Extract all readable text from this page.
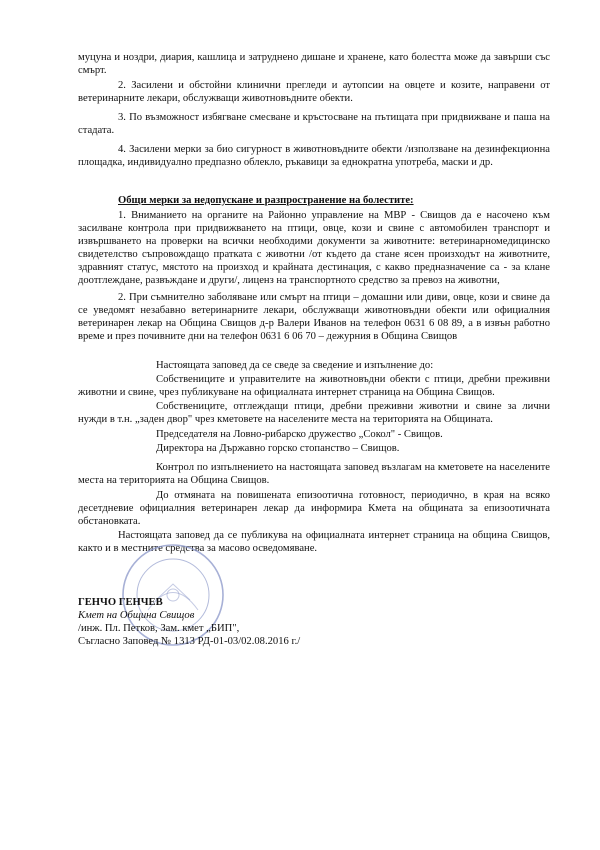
муцуна и ноздри, диария, кашлица и затруднено дишане и хранене, като болестта може да завърши със смърт.

2. Засилени и обстойни клинични прегледи и аутопсии на овцете и козите, направени от ветеринарните лекари, обслужващи животновъдните обекти.

3. По възможност избягване смесване и кръстосване на пътищата при придвижване и паша на стадата.

4. Засилени мерки за био сигурност в животновъдните обекти /използване на дезинфекционна площадка, индивидуално предпазно облекло, ръкавици за еднократна употреба, маски и др.

Общи мерки за недопускане и разпространение на болестите:

1. Вниманието на органите на Районно управление на МВР - Свищов да е насочено към засилване контрола при придвижването на птици, овце, кози и свине с автомобилен транспорт и извършването на проверки на всички необходими документи за животните: ветеринарномедицинско свидетелство съпровождащо пратката с животни /от където да стане ясен произходът на животните, здравният статус, мястото на произход и крайната дестинация, с какво предназначение са - за клане доотглеждане, развъждане и други/, лиценз на транспортното средство за превоз на животни,

2. При съмнително заболяване или смърт на птици – домашни или диви, овце, кози и свине да се уведомят незабавно ветеринарните лекари, обслужващи животновъдни обекти или официалния ветеринарен лекар на Община Свищов д-р Валери Иванов на телефон 0631 6 08 89, а в извън работно време и през почивните дни на телефон 0631 6 06 70 – дежурния в Община Свищов

Настоящата заповед да се сведе за сведение и изпълнение до:

Собствениците и управителите на животновъдни обекти с птици, дребни преживни животни и свине, чрез публикуване на официалната интернет страница на Община Свищов.

Собствениците, отглеждащи птици, дребни преживни животни и свине за лични нужди в т.н. „заден двор" чрез кметовете на населените места на територията на Общината.

Председателя на Ловно-рибарско дружество „Сокол" - Свищов.

Директора на Държавно горско стопанство – Свищов.

Контрол по изпълнението на настоящата заповед възлагам на кметовете на населените места на територията на Община Свищов.

До отмяната на повишената епизоотична готовност, периодично, в края на всяко десетдневие официалния ветеринарен лекар да информира Кмета на общината за епизоотичната обстановката.

Настоящата заповед да се публикува на официалната интернет страница на община Свищов, както и в местните средства за масово осведомяване.

ГЕНЧО ГЕНЧЕВ

Кмет на Община Свищов

/инж. Пл. Петков, Зам. кмет „БИП",

Съгласно Заповед № 1313 РД-01-03/02.08.2016 г./
